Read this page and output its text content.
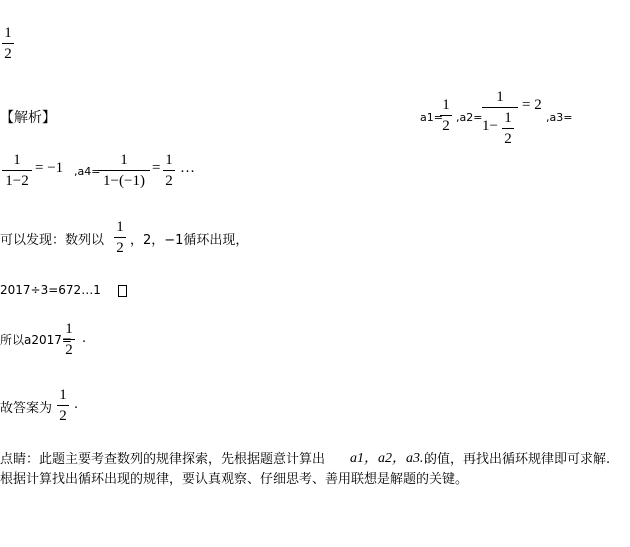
1
2
【解析】	a1=
1
2
,a2=
1
1− 1
2
= 2
,a3=
1
1−2
= −1 ,a4=
1
1−(−1)
= 1
2
…
可以发现：数列以
1
2 ，2，−1循环出现，
2017÷3=672…1
所以a2017=
1
2
.
故答案为
1
2
.
点睛：此题主要考查数列的规律探索，先根据题意计算出 a1，a2，a3…
的值，再找出循环规律即可求解.
根据计算找出循环出现的规律，要认真观察、仔细思考、善用联想是解题的关键。
